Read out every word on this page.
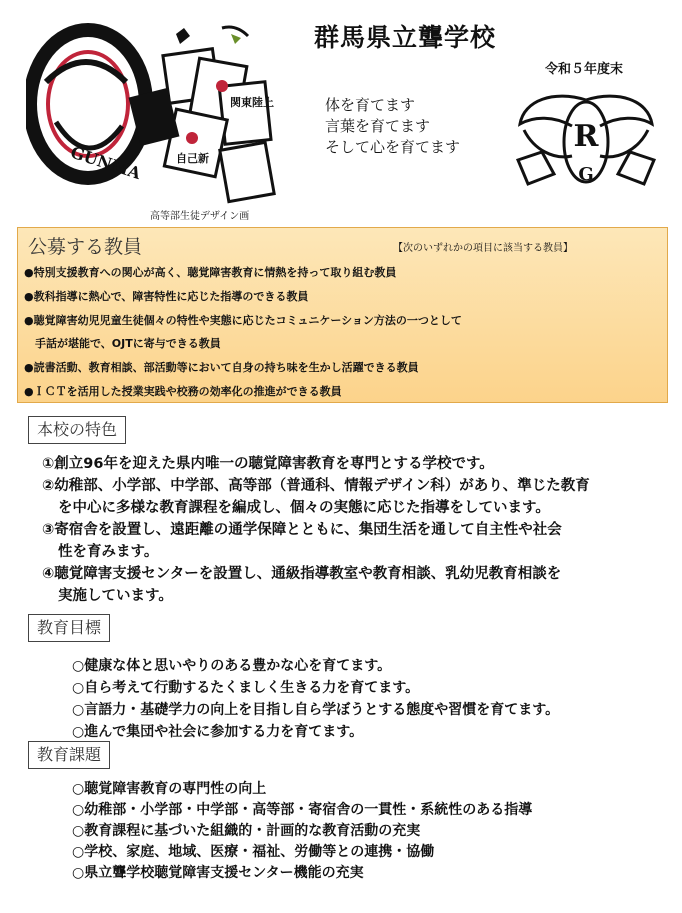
GUNMA
関東陸上
自己新
高等部生徒デザイン画
群馬県立聾学校
令和５年度末
体を育てます
言葉を育てます
そして心を育てます	R
G
公募する教員	【次のいずれかの項目に該当する教員】
●特別支援教育への関心が高く、聴覚障害教育に情熱を持って取り組む教員
●教科指導に熱心で、障害特性に応じた指導のできる教員
●聴覚障害幼児児童生徒個々の特性や実態に応じたコミュニケーション方法の一つとして
　手話が堪能で、OJTに寄与できる教員
●読書活動、教育相談、部活動等において自身の持ち味を生かし活躍できる教員
●ＩＣＴを活用した授業実践や校務の効率化の推進ができる教員
本校の特色
①創立96年を迎えた県内唯一の聴覚障害教育を専門とする学校です。
②幼稚部、小学部、中学部、高等部（普通科、情報デザイン科）があり、準じた教育
を中心に多様な教育課程を編成し、個々の実態に応じた指導をしています。
③寄宿舎を設置し、遠距離の通学保障とともに、集団生活を通して自主性や社会
性を育みます。
④聴覚障害支援センターを設置し、通級指導教室や教育相談、乳幼児教育相談を
実施しています。
教育目標
○健康な体と思いやりのある豊かな心を育てます。
○自ら考えて行動するたくましく生きる力を育てます。
○言語力・基礎学力の向上を目指し自ら学ぼうとする態度や習慣を育てます。
○進んで集団や社会に参加する力を育てます。
教育課題
○聴覚障害教育の専門性の向上
○幼稚部・小学部・中学部・高等部・寄宿舎の一貫性・系統性のある指導
○教育課程に基づいた組織的・計画的な教育活動の充実
○学校、家庭、地域、医療・福祉、労働等との連携・協働
○県立聾学校聴覚障害支援センター機能の充実
